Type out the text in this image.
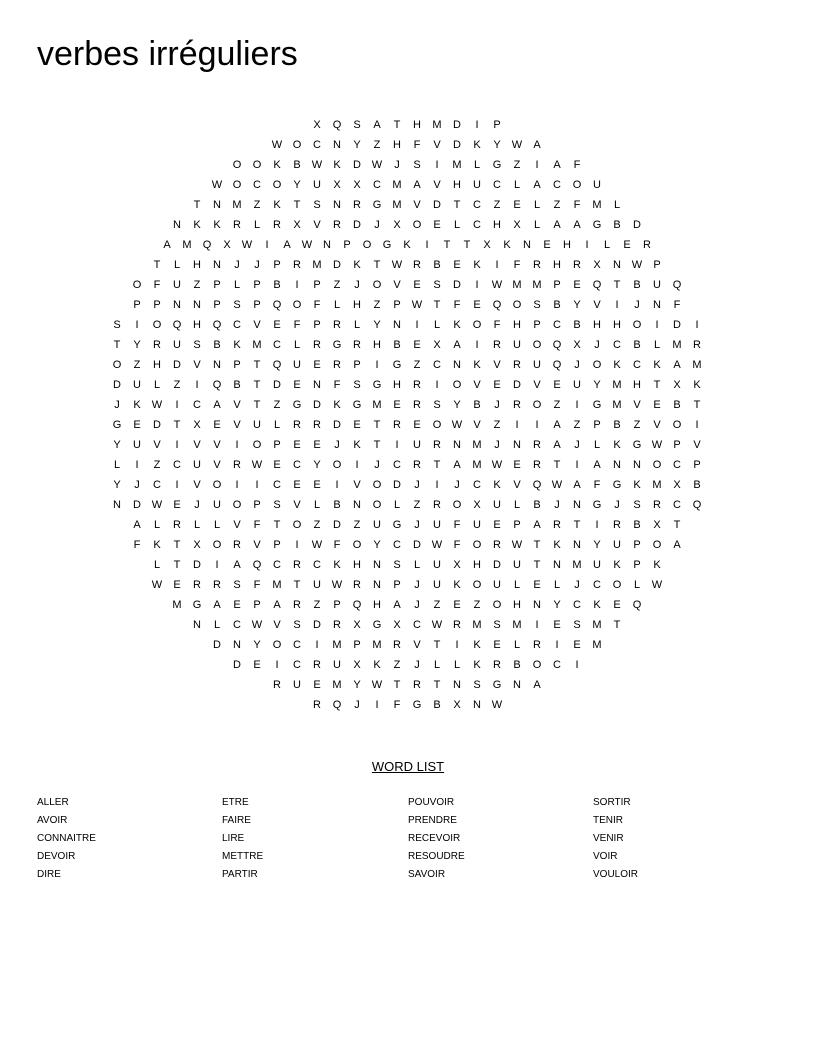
verbes irréguliers
X	Q	S	A	T	H	M	D	I	P
W O	C	N	Y	Z	H	F	V	D	K	Y	W	A
O	O	K	B	W	K	D W	J	S	I	M	L	G	Z	I	A	F
W O	C	O	Y	U	X	X	C	M	A	V	H	U	C	L	A	C	O	U
T	N	M	Z	K	T	S	N	R	G	M	V	D	T	C	Z	E	L	Z	F	M	L
N	K	K	R	L	R	X	V	R	D	J	X	O	E	L	C	H	X	L	A	A	G	B	D
A	M	Q	X	W	I	A	W N	P	O	G	K	I	T	T	X	K	N	E	H	I	L	E	R
T	L	H	N	J	J	P	R	M	D	K	T	W R	B	E	K	I	F	R	H	R	X	N W	P
O	F	U	Z	P	L	P	B	I	P	Z	J	O	V	E	S	D	I	W M M	P	E	Q	T	B	U	Q
P	P	N	N	P	S	P	Q	O	F	L	H	Z	P	W	T	F	E	Q	O	S	B	Y	V	I	J	N	F
S	I	O	Q	H	Q	C	V	E	F	P	R	L	Y	N	I	L	K	O	F	H	P	C	B	H	H	O	I	D	I
T	Y	R	U	S	B	K	M	C	L	R	G	R	H	B	E	X	A	I	R	U	O	Q	X	J	C	B	L	M	R
O	Z	H	D	V	N	P	T	Q	U	E	R	P	I	G	Z	C	N	K	V	R	U	Q	J	O	K	C	K	A	M
D	U	L	Z	I	Q	B	T	D	E	N	F	S	G	H	R	I	O	V	E	D	V	E	U	Y	M	H	T	X	K
J	K	W	I	C	A	V	T	Z	G	D	K	G	M	E	R	S	Y	B	J	R	O	Z	I	G	M	V	E	B	T
G	E	D	T	X	E	V	U	L	R	R	D	E	T	R	E	O W	V	Z	I	I	A	Z	P	B	Z	V	O	I
Y	U	V	I	V	V	I	O	P	E	E	J	K	T	I	U	R	N	M	J	N	R	A	J	L	K	G W	P	V
L	I	Z	C	U	V	R W	E	C	Y	O	I	J	C	R	T	A	M W	E	R	T	I	A	N	N	O	C	P
Y	J	C	I	V	O	I	I	C	E	E	I	V	O	D	J	I	J	C	K	V	Q W	A	F	G	K	M	X	B
N	D W	E	J	U	O	P	S	V	L	B	N	O	L	Z	R	O	X	U	L	B	J	N	G	J	S	R	C	Q
A	L	R	L	L	V	F	T	O	Z	D	Z	U	G	J	U	F	U	E	P	A	R	T	I	R	B	X	T
F	K	T	X	O	R	V	P	I	W	F	O	Y	C	D W	F	O	R W	T	K	N	Y	U	P	O	A
L	T	D	I	A	Q	C	R	C	K	H	N	S	L	U	X	H	D	U	T	N	M	U	K	P	K
W	E	R	R	S	F	M	T	U W R	N	P	J	U	K	O	U	L	E	L	J	C	O	L	W
M	G	A	E	P	A	R	Z	P	Q	H	A	J	Z	E	Z	O	H	N	Y	C	K	E	Q
N	L	C W	V	S	D	R	X	G	X	C W R	M	S	M	I	E	S	M	T
D	N	Y	O	C	I	M	P	M	R	V	T	I	K	E	L	R	I	E	M
D	E	I	C	R	U	X	K	Z	J	L	L	K	R	B	O	C	I
R	U	E	M	Y	W	T	R	T	N	S	G	N	A
R	Q	J	I	F	G	B	X	N W
WORD LIST
ALLER
AVOIR
CONNAITRE
DEVOIR
DIRE
ETRE
FAIRE
LIRE
METTRE
PARTIR
POUVOIR
PRENDRE
RECEVOIR
RESOUDRE
SAVOIR
SORTIR
TENIR
VENIR
VOIR
VOULOIR
